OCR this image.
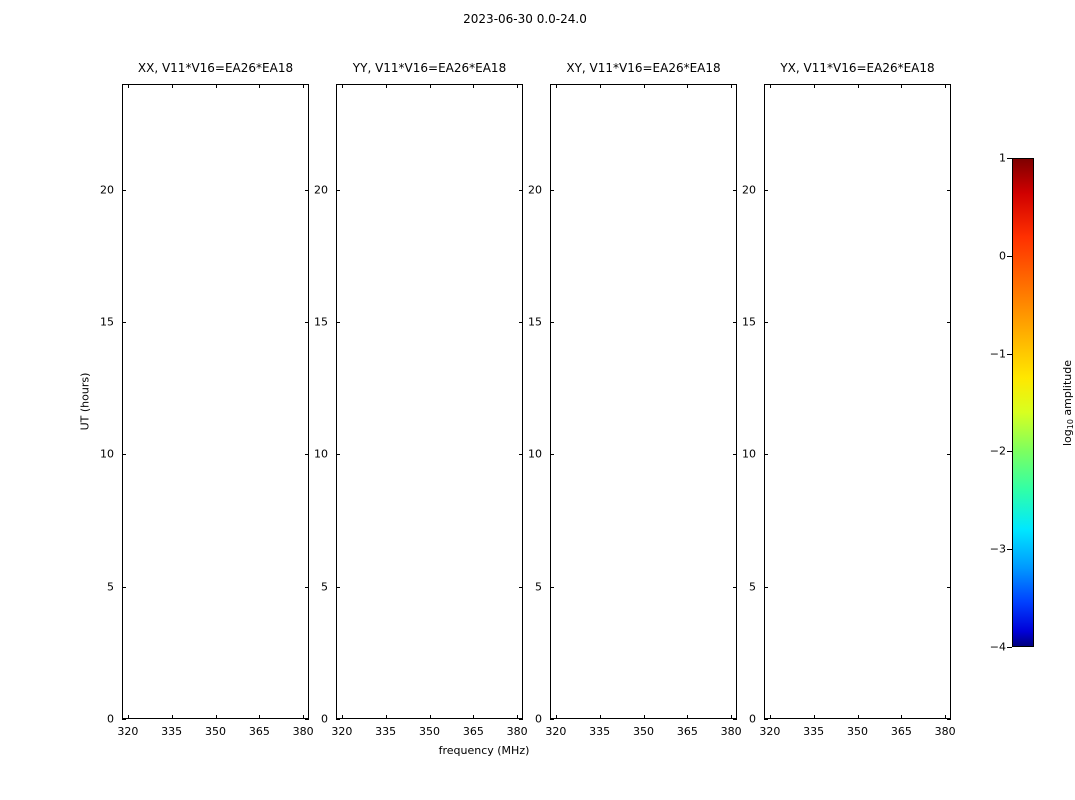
2023-06-30 0.0-24.0
XX, V11*V16=EA26*EA18
320 335 350 365 380
0
5
10
15
20
YY, V11*V16=EA26*EA18
320 335 350 365 380
0
5
10
15
20
XY, V11*V16=EA26*EA18
320 335 350 365 380
0
5
10
15
20
YX, V11*V16=EA26*EA18
320 335 350 365 380
0
5
10
15
20
UT (hours)
frequency (MHz)
$\log_{10}$ amplitude
1
0
−1
−2
−3
−4
